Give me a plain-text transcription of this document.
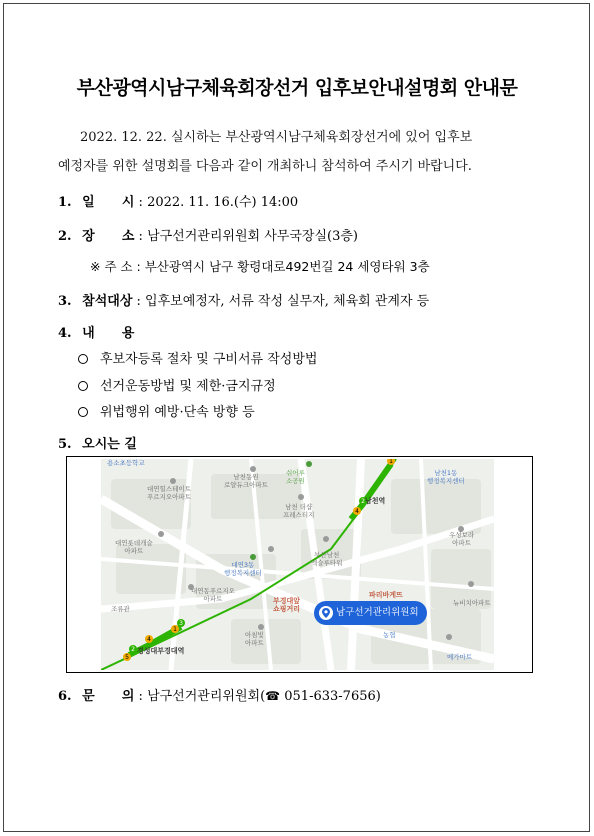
부산광역시남구체육회장선거 입후보안내설명회 안내문
2022. 12. 22. 실시하는 부산광역시남구체육회장선거에 있어 입후보
예정자를 위한 설명회를 다음과 같이 개최하니 참석하여 주시기 바랍니다.
1. 일      시 : 2022. 11. 16.(수) 14:00
2. 장      소 : 남구선거관리위원회 사무국장실(3층)
※ 주 소 : 부산광역시 남구 황령대로492번길 24 세영타워 3층
3. 참석대상 : 입후보예정자, 서류 작성 실무자, 체육회 관계자 등
4. 내      용
후보자등록 절차 및 구비서류 작성방법
선거운동방법 및 제한·금지규정
위법행위 예방·단속 방향 등
5. 오시는 길
4
2
1
2
5
1
3
4
용소초등학교
대연힐스테이트
푸르지오아파트
남천동원
로얄듀크아파트
쉬어루
소공원
남천1동
행정복지센터
남천역
남천 더샵
프레스티지
대연롯데캐슬
아파트
대연3동
행정복지센터
우성보라
아파트
부산남천
엑슬루타워
대연동푸르지오
아파트	파리바게뜨
뉴비치아파트
조류관
부경대앞
쇼핑거리
농협
경성대부경대역
아침빛
아파트
메가마트
남구선거관리위원회
6. 문      의 : 남구선거관리위원회(☎ 051-633-7656)
